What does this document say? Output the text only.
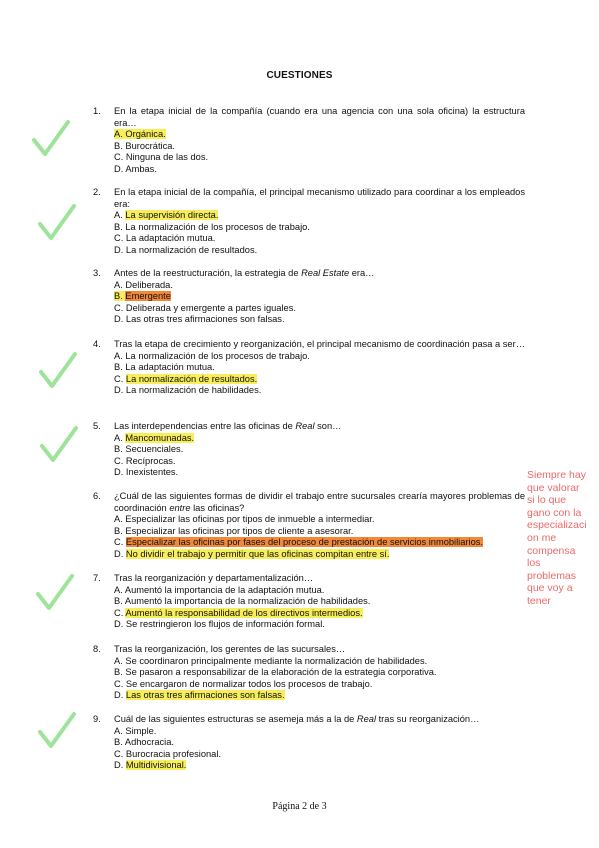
CUESTIONES
1.	En la etapa inicial de la compañía (cuando era una agencia con una sola oficina) la estructura era…
A. Orgánica.
B. Burocrática.
C. Ninguna de las dos.
D. Ambas.
2.	En la etapa inicial de la compañía, el principal mecanismo utilizado para coordinar a los empleados era:
A. La supervisión directa.
B. La normalización de los procesos de trabajo.
C. La adaptación mutua.
D. La normalización de resultados.
3.	Antes de la reestructuración, la estrategia de Real Estate era…
A. Deliberada.
B. Emergente
C. Deliberada y emergente a partes iguales.
D. Las otras tres afirmaciones son falsas.
4.	Tras la etapa de crecimiento y reorganización, el principal mecanismo de coordinación pasa a ser…
A. La normalización de los procesos de trabajo.
B. La adaptación mutua.
C. La normalización de resultados.
D. La normalización de habilidades.
5.	Las interdependencias entre las oficinas de Real son…
A. Mancomunadas.
B. Secuenciales.
C. Recíprocas.
D. Inexistentes.
6.	¿Cuál de las siguientes formas de dividir el trabajo entre sucursales crearía mayores problemas de coordinación entre las oficinas?
A. Especializar las oficinas por tipos de inmueble a intermediar.
B. Especializar las oficinas por tipos de cliente a asesorar.
C. Especializar las oficinas por fases del proceso de prestación de servicios inmobiliarios.
D. No dividir el trabajo y permitir que las oficinas compitan entre sí.
7.	Tras la reorganización y departamentalización…
A. Aumentó la importancia de la adaptación mutua.
B. Aumentó la importancia de la normalización de habilidades.
C. Aumentó la responsabilidad de los directivos intermedios.
D. Se restringieron los flujos de información formal.
8.	Tras la reorganización, los gerentes de las sucursales…
A. Se coordinaron principalmente mediante la normalización de habilidades.
B. Se pasaron a responsabilizar de la elaboración de la estrategia corporativa.
C. Se encargaron de normalizar todos los procesos de trabajo.
D. Las otras tres afirmaciones son falsas.
9.	Cuál de las siguientes estructuras se asemeja más a la de Real tras su reorganización…
A. Simple.
B. Adhocracia.
C. Burocracia profesional.
D. Multidivisional.
Siempre hay
que valorar
si lo que
gano con la
especializaci
on me
compensa
los
problemas
que voy a
tener
Página 2 de 3
